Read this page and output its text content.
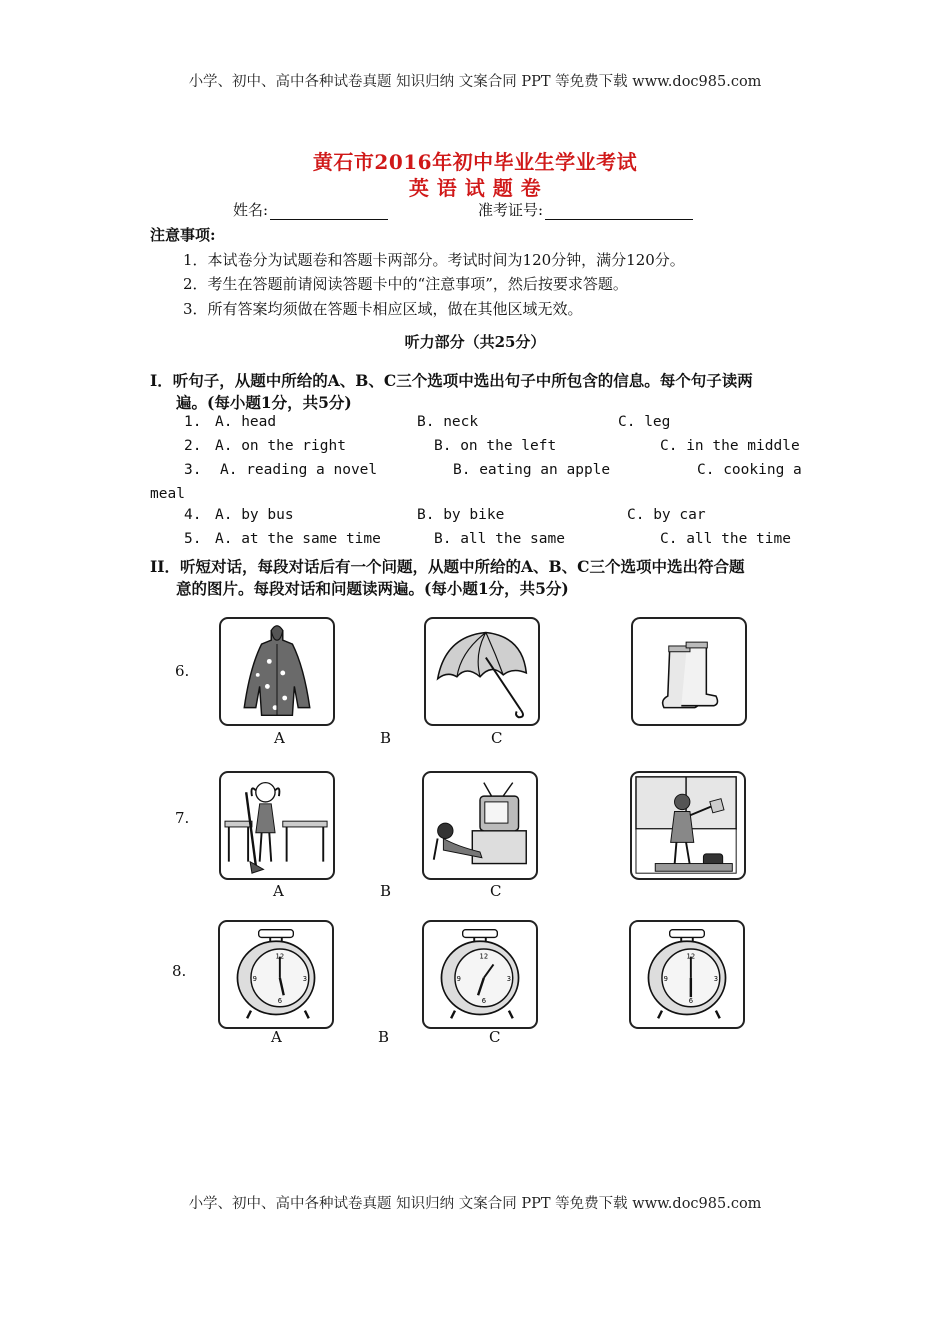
小学、初中、高中各种试卷真题 知识归纳 文案合同 PPT 等免费下载 www.doc985.com
小学、初中、高中各种试卷真题 知识归纳 文案合同 PPT 等免费下载 www.doc985.com
黄石市2016年初中毕业生学业考试
英 语 试 题 卷
姓名:	准考证号:
注意事项:
1．本试卷分为试题卷和答题卡两部分。考试时间为120分钟，满分120分。
2．考生在答题前请阅读答题卡中的“注意事项”，然后按要求答题。
3．所有答案均须做在答题卡相应区域，做在其他区域无效。
听力部分（共25分）
I．听句子，从题中所给的A、B、C三个选项中选出句子中所包含的信息。每个句子读两
遍。(每小题1分，共5分)
1. A. head	B. neck	C. leg
2. A. on the right	B. on the left	C. in the middle
3. A. reading a novel	B. eating an apple	C. cooking a
meal
4. A. by bus	B. by bike	C. by car
5. A. at the same time	B. all the same	C. all the time
II．听短对话，每段对话后有一个问题，从题中所给的A、B、C三个选项中选出符合题
意的图片。每段对话和问题读两遍。(每小题1分，共5分)
6.
A	B	C
7.
A	B	C
8.
12
3
6
9
12
3
6
9
12
3
6
9
A	B	C
